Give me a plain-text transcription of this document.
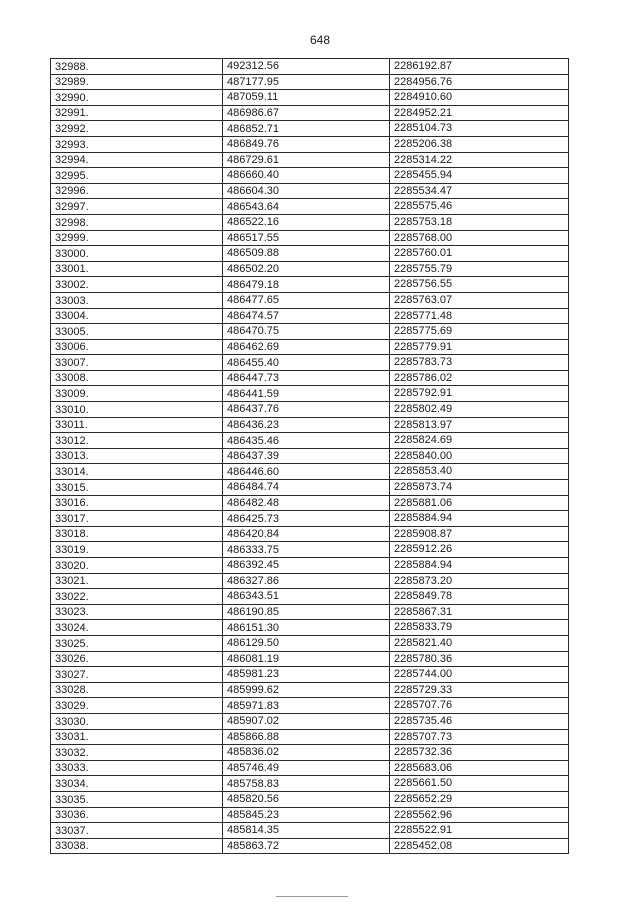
648
32988.	492312.56	2286192.87
32989.	487177.95	2284956.76
32990.	487059.11	2284910.60
32991.	486986.67	2284952.21
32992.	486852.71	2285104.73
32993.	486849.76	2285206.38
32994.	486729.61	2285314.22
32995.	486660.40	2285455.94
32996.	486604.30	2285534.47
32997.	486543.64	2285575.46
32998.	486522.16	2285753.18
32999.	486517.55	2285768.00
33000.	486509.88	2285760.01
33001.	486502.20	2285755.79
33002.	486479.18	2285756.55
33003.	486477.65	2285763.07
33004.	486474.57	2285771.48
33005.	486470.75	2285775.69
33006.	486462.69	2285779.91
33007.	486455.40	2285783.73
33008.	486447.73	2285786.02
33009.	486441.59	2285792.91
33010.	486437.76	2285802.49
33011.	486436.23	2285813.97
33012.	486435.46	2285824.69
33013.	486437.39	2285840.00
33014.	486446.60	2285853.40
33015.	486484.74	2285873.74
33016.	486482.48	2285881.06
33017.	486425.73	2285884.94
33018.	486420.84	2285908.87
33019.	486333.75	2285912.26
33020.	486392.45	2285884.94
33021.	486327.86	2285873.20
33022.	486343.51	2285849.78
33023.	486190.85	2285867.31
33024.	486151.30	2285833.79
33025.	486129.50	2285821.40
33026.	486081.19	2285780.36
33027.	485981.23	2285744.00
33028.	485999.62	2285729.33
33029.	485971.83	2285707.76
33030.	485907.02	2285735.46
33031.	485866.88	2285707.73
33032.	485836.02	2285732.36
33033.	485746.49	2285683.06
33034.	485758.83	2285661.50
33035.	485820.56	2285652.29
33036.	485845.23	2285562.96
33037.	485814.35	2285522.91
33038.	485863.72	2285452.08
